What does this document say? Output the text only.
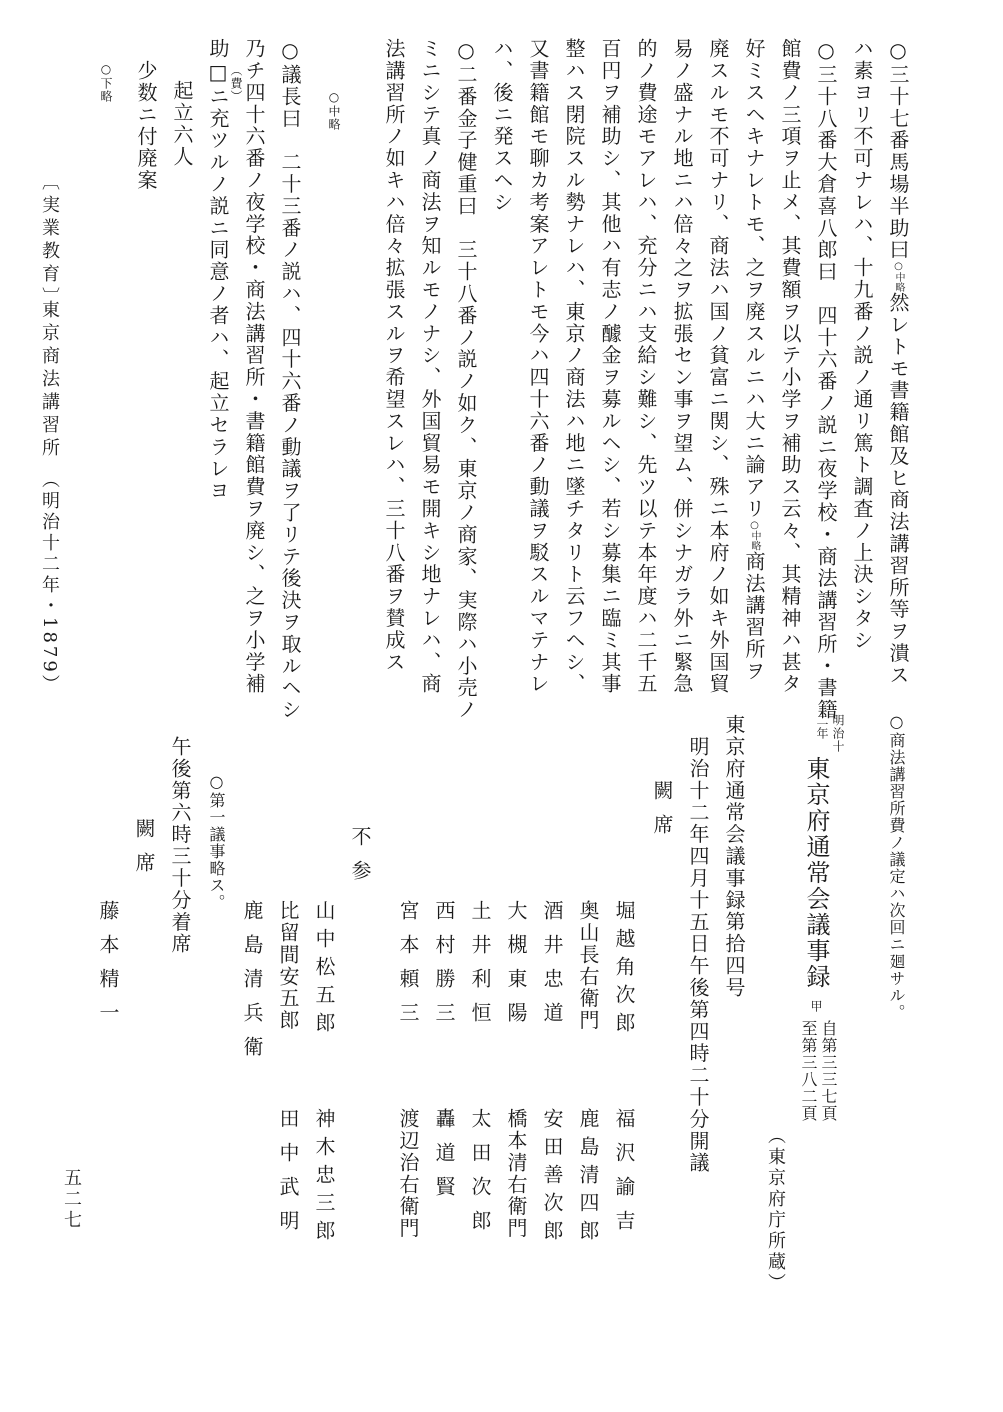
○三十七番馬場半助曰○中略然レトモ書籍館及ヒ商法講習所等ヲ潰ス
ハ素ヨリ不可ナレハ、十九番ノ説ノ通リ篤ト調査ノ上決シタシ
○三十八番大倉喜八郎曰　四十六番ノ説ニ夜学校・商法講習所・書籍
館費ノ三項ヲ止メ、其費額ヲ以テ小学ヲ補助ス云々、其精神ハ甚タ
好ミスヘキナレトモ、之ヲ廃スルニハ大ニ論アリ○中略商法講習所ヲ
廃スルモ不可ナリ、商法ハ国ノ貧富ニ関シ、殊ニ本府ノ如キ外国貿
易ノ盛ナル地ニハ倍々之ヲ拡張セン事ヲ望ム、併シナガラ外ニ緊急
的ノ費途モアレハ、充分ニハ支給シ難シ、先ツ以テ本年度ハ二千五
百円ヲ補助シ、其他ハ有志ノ醵金ヲ募ルヘシ、若シ募集ニ臨ミ其事
整ハス閉院スル勢ナレハ、東京ノ商法ハ地ニ墜チタリト云フヘシ、
又書籍館モ聊カ考案アレトモ今ハ四十六番ノ動議ヲ駁スルマテナレ
ハ、後ニ発スヘシ
○二番金子健重曰　三十八番ノ説ノ如ク、東京ノ商家、実際ハ小売ノ
ミニシテ真ノ商法ヲ知ルモノナシ、外国貿易モ開キシ地ナレハ、商
法講習所ノ如キハ倍々拡張スルヲ希望スレハ、三十八番ヲ賛成ス
○中略
○議長曰　二十三番ノ説ハ、四十六番ノ動議ヲ了リテ後決ヲ取ルヘシ
乃チ四十六番ノ夜学校・商法講習所・書籍館費ヲ廃シ、之ヲ小学補
（費）
助□ニ充ツルノ説ニ同意ノ者ハ、起立セラレヨ
起立六人
少数ニ付廃案
○下略
〔実業教育〕
東京商法講習所
（明治十二年・1879）
五二七
○商法講習所費ノ議定ハ次回ニ廻サル。
明治十
二年
東京府通常会議事録
甲
自第三三七頁
至第三八二頁
（東京府庁所蔵）
東京府通常会議事録第拾四号
明治十二年四月十五日午後第四時二十分開議
闕席
堀越角次郎
奥山長右衛門
酒井忠道
大槻東陽
土井利恒
西村勝三
宮本頼三
福沢諭吉
鹿島清四郎
安田善次郎
橋本清右衛門
太田次郎
轟道賢
渡辺治右衛門
不参
山中松五郎
比留間安五郎
鹿島清兵衛
神木忠三郎
田中武明
○第一議事略ス。
午後第六時三十分着席
闕席
藤本精一
